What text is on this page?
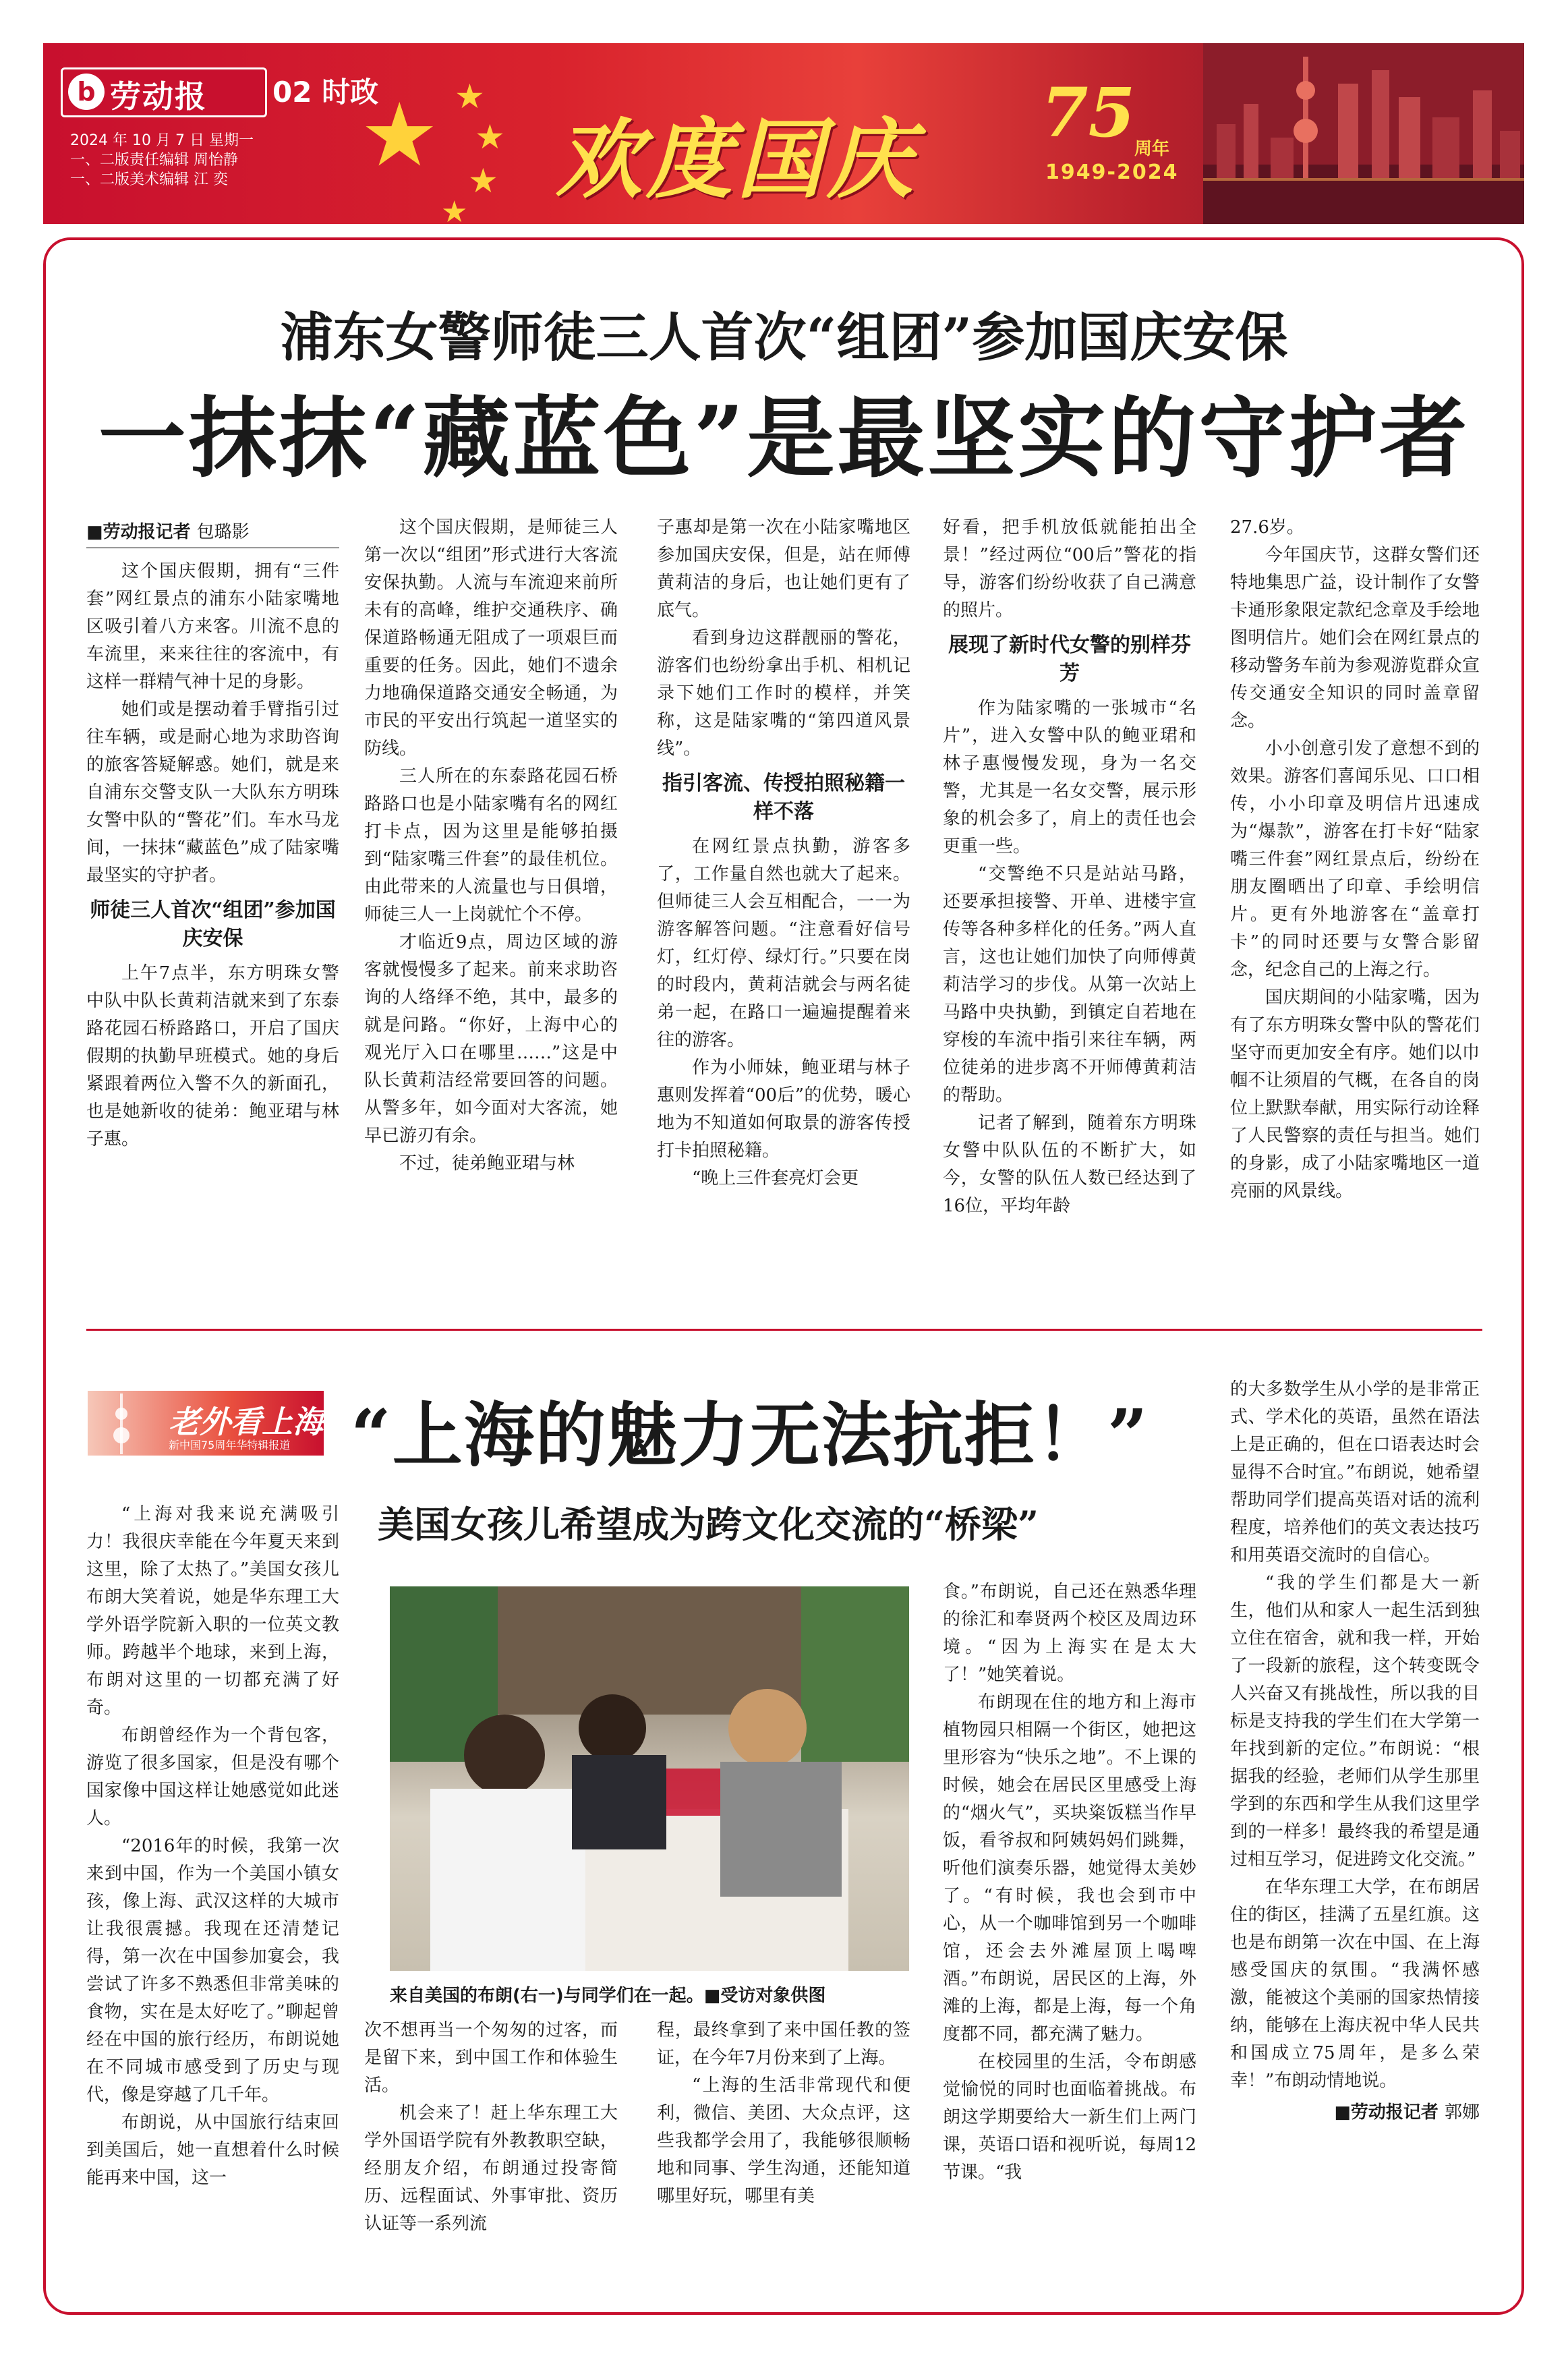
b 劳动报 02 时政
2024 年 10 月 7 日 星期一
一、二版责任编辑 周怡静
一、二版美术编辑 江 奕 ★ ★
★
★
★
欢度国庆 75
周年
1949-2024
浦东女警师徒三人首次“组团”参加国庆安保
一抹抹“藏蓝色”是最坚实的守护者

■劳动报记者 包璐影

这个国庆假期，拥有“三件套”网红景点的浦东小陆家嘴地区吸引着八方来客。川流不息的车流里，来来往往的客流中，有这样一群精气神十足的身影。

她们或是摆动着手臂指引过往车辆，或是耐心地为求助咨询的旅客答疑解惑。她们，就是来自浦东交警支队一大队东方明珠女警中队的“警花”们。车水马龙间，一抹抹“藏蓝色”成了陆家嘴最坚实的守护者。

师徒三人首次“组团”参加国庆安保

上午7点半，东方明珠女警中队中队长黄莉洁就来到了东泰路花园石桥路路口，开启了国庆假期的执勤早班模式。她的身后紧跟着两位入警不久的新面孔，也是她新收的徒弟：鲍亚珺与林子惠。

这个国庆假期，是师徒三人第一次以“组团”形式进行大客流安保执勤。人流与车流迎来前所未有的高峰，维护交通秩序、确保道路畅通无阻成了一项艰巨而重要的任务。因此，她们不遗余力地确保道路交通安全畅通，为市民的平安出行筑起一道坚实的防线。

三人所在的东泰路花园石桥路路口也是小陆家嘴有名的网红打卡点，因为这里是能够拍摄到“陆家嘴三件套”的最佳机位。由此带来的人流量也与日俱增，师徒三人一上岗就忙个不停。

才临近9点，周边区域的游客就慢慢多了起来。前来求助咨询的人络绎不绝，其中，最多的就是问路。“你好，上海中心的观光厅入口在哪里……”这是中队长黄莉洁经常要回答的问题。从警多年，如今面对大客流，她早已游刃有余。

不过，徒弟鲍亚珺与林

子惠却是第一次在小陆家嘴地区参加国庆安保，但是，站在师傅黄莉洁的身后，也让她们更有了底气。

看到身边这群靓丽的警花，游客们也纷纷拿出手机、相机记录下她们工作时的模样，并笑称，这是陆家嘴的“第四道风景线”。

指引客流、传授拍照秘籍一样不落

在网红景点执勤，游客多了，工作量自然也就大了起来。但师徒三人会互相配合，一一为游客解答问题。“注意看好信号灯，红灯停、绿灯行。”只要在岗的时段内，黄莉洁就会与两名徒弟一起，在路口一遍遍提醒着来往的游客。

作为小师妹，鲍亚珺与林子惠则发挥着“00后”的优势，暖心地为不知道如何取景的游客传授打卡拍照秘籍。

“晚上三件套亮灯会更

好看，把手机放低就能拍出全景！”经过两位“00后”警花的指导，游客们纷纷收获了自己满意的照片。

展现了新时代女警的别样芬芳

作为陆家嘴的一张城市“名片”，进入女警中队的鲍亚珺和林子惠慢慢发现，身为一名交警，尤其是一名女交警，展示形象的机会多了，肩上的责任也会更重一些。

“交警绝不只是站站马路，还要承担接警、开单、进楼宇宣传等各种多样化的任务。”两人直言，这也让她们加快了向师傅黄莉洁学习的步伐。从第一次站上马路中央执勤，到镇定自若地在穿梭的车流中指引来往车辆，两位徒弟的进步离不开师傅黄莉洁的帮助。

记者了解到，随着东方明珠女警中队队伍的不断扩大，如今，女警的队伍人数已经达到了16位，平均年龄

27.6岁。

今年国庆节，这群女警们还特地集思广益，设计制作了女警卡通形象限定款纪念章及手绘地图明信片。她们会在网红景点的移动警务车前为参观游览群众宣传交通安全知识的同时盖章留念。

小小创意引发了意想不到的效果。游客们喜闻乐见、口口相传，小小印章及明信片迅速成为“爆款”，游客在打卡好“陆家嘴三件套”网红景点后，纷纷在朋友圈晒出了印章、手绘明信片。更有外地游客在“盖章打卡”的同时还要与女警合影留念，纪念自己的上海之行。

国庆期间的小陆家嘴，因为有了东方明珠女警中队的警花们坚守而更加安全有序。她们以巾帼不让须眉的气概，在各自的岗位上默默奉献，用实际行动诠释了人民警察的责任与担当。她们的身影，成了小陆家嘴地区一道亮丽的风景线。

老外看上海
新中国75周年华特辑报道 “上海的魅力无法抗拒！”
美国女孩儿希望成为跨文化交流的“桥梁”

“上海对我来说充满吸引力！我很庆幸能在今年夏天来到这里，除了太热了。”美国女孩儿布朗大笑着说，她是华东理工大学外语学院新入职的一位英文教师。跨越半个地球，来到上海，布朗对这里的一切都充满了好奇。

布朗曾经作为一个背包客，游览了很多国家，但是没有哪个国家像中国这样让她感觉如此迷人。

“2016年的时候，我第一次来到中国，作为一个美国小镇女孩，像上海、武汉这样的大城市让我很震撼。我现在还清楚记得，第一次在中国参加宴会，我尝试了许多不熟悉但非常美味的食物，实在是太好吃了。”聊起曾经在中国的旅行经历，布朗说她在不同城市感受到了历史与现代，像是穿越了几千年。

布朗说，从中国旅行结束回到美国后，她一直想着什么时候能再来中国，这一

来自美国的布朗(右一)与同学们在一起。■受访对象供图

次不想再当一个匆匆的过客，而是留下来，到中国工作和体验生活。

机会来了！赶上华东理工大学外国语学院有外教教职空缺，经朋友介绍，布朗通过投寄简历、远程面试、外事审批、资历认证等一系列流

程，最终拿到了来中国任教的签证，在今年7月份来到了上海。

“上海的生活非常现代和便利，微信、美团、大众点评，这些我都学会用了，我能够很顺畅地和同事、学生沟通，还能知道哪里好玩，哪里有美

食。”布朗说，自己还在熟悉华理的徐汇和奉贤两个校区及周边环境。“因为上海实在是太大了！”她笑着说。

布朗现在住的地方和上海市植物园只相隔一个街区，她把这里形容为“快乐之地”。不上课的时候，她会在居民区里感受上海的“烟火气”，买块粢饭糕当作早饭，看爷叔和阿姨妈妈们跳舞，听他们演奏乐器，她觉得太美妙了。“有时候，我也会到市中心，从一个咖啡馆到另一个咖啡馆，还会去外滩屋顶上喝啤酒。”布朗说，居民区的上海，外滩的上海，都是上海，每一个角度都不同，都充满了魅力。

在校园里的生活，令布朗感觉愉悦的同时也面临着挑战。布朗这学期要给大一新生们上两门课，英语口语和视听说，每周12节课。“我

的大多数学生从小学的是非常正式、学术化的英语，虽然在语法上是正确的，但在口语表达时会显得不合时宜。”布朗说，她希望帮助同学们提高英语对话的流利程度，培养他们的英文表达技巧和用英语交流时的自信心。

“我的学生们都是大一新生，他们从和家人一起生活到独立住在宿舍，就和我一样，开始了一段新的旅程，这个转变既令人兴奋又有挑战性，所以我的目标是支持我的学生们在大学第一年找到新的定位。”布朗说：“根据我的经验，老师们从学生那里学到的东西和学生从我们这里学到的一样多！最终我的希望是通过相互学习，促进跨文化交流。”

在华东理工大学，在布朗居住的街区，挂满了五星红旗。这也是布朗第一次在中国、在上海感受国庆的氛围。“我满怀感激，能被这个美丽的国家热情接纳，能够在上海庆祝中华人民共和国成立75周年，是多么荣幸！”布朗动情地说。

■劳动报记者 郭娜
